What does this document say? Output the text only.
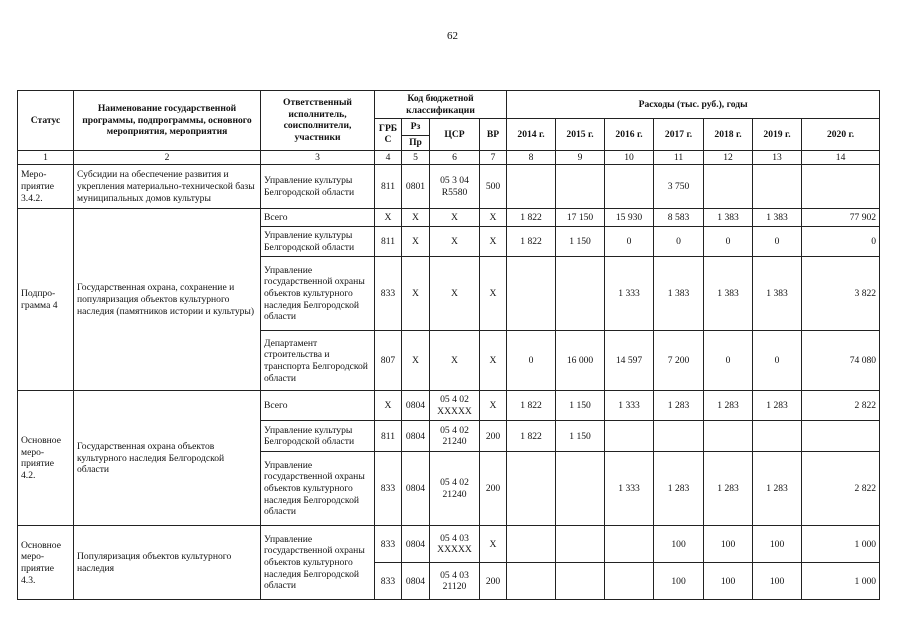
62
Статус	Наименование государственной программы, подпрограммы, основного мероприятия, мероприятия	Ответственный исполнитель, соисполнители, участники	Код бюджетной классификации				Расходы (тыс. руб.), годы						
			ГРБ С	Рз	ЦСР	ВР	2014 г.	2015 г.	2016 г.	2017 г.	2018 г.	2019 г.	2020 г.
				Пр									
1	2	3	4	5	6	7	8	9	10	11	12	13	14
Меро-приятие 3.4.2.	Субсидии на обеспечение развития и укрепления материально-технической базы муниципальных домов культуры	Управление культуры Белгородской области	811	0801	05 3 04 R5580	500				3 750			
Подпро-грамма 4	Государственная охрана, сохранение и популяризация объектов культурного наследия (памятников истории и культуры)	Всего	Х	Х	Х	Х	1 822	17 150	15 930	8 583	1 383	1 383	77 902
		Управление культуры Белгородской области	811	Х	Х	Х	1 822	1 150	0	0	0	0	0
		Управление государственной охраны объектов культурного наследия Белгородской области	833	Х	Х	Х			1 333	1 383	1 383	1 383	3 822
		Департамент строительства и транспорта Белгородской области	807	Х	Х	Х	0	16 000	14 597	7 200	0	0	74 080
Основное меро-приятие 4.2.	Государственная охрана объектов культурного наследия Белгородской области	Всего	Х	0804	05 4 02 ХХХХХ	Х	1 822	1 150	1 333	1 283	1 283	1 283	2 822
		Управление культуры Белгородской области	811	0804	05 4 02 21240	200	1 822	1 150					
		Управление государственной охраны объектов культурного наследия Белгородской области	833	0804	05 4 02 21240	200			1 333	1 283	1 283	1 283	2 822
Основное меро-приятие 4.3.	Популяризация объектов культурного наследия	Управление государственной охраны объектов культурного наследия Белгородской области	833	0804	05 4 03 ХХХХХ	Х				100	100	100	1 000
			833	0804	05 4 03 21120	200				100	100	100	1 000
